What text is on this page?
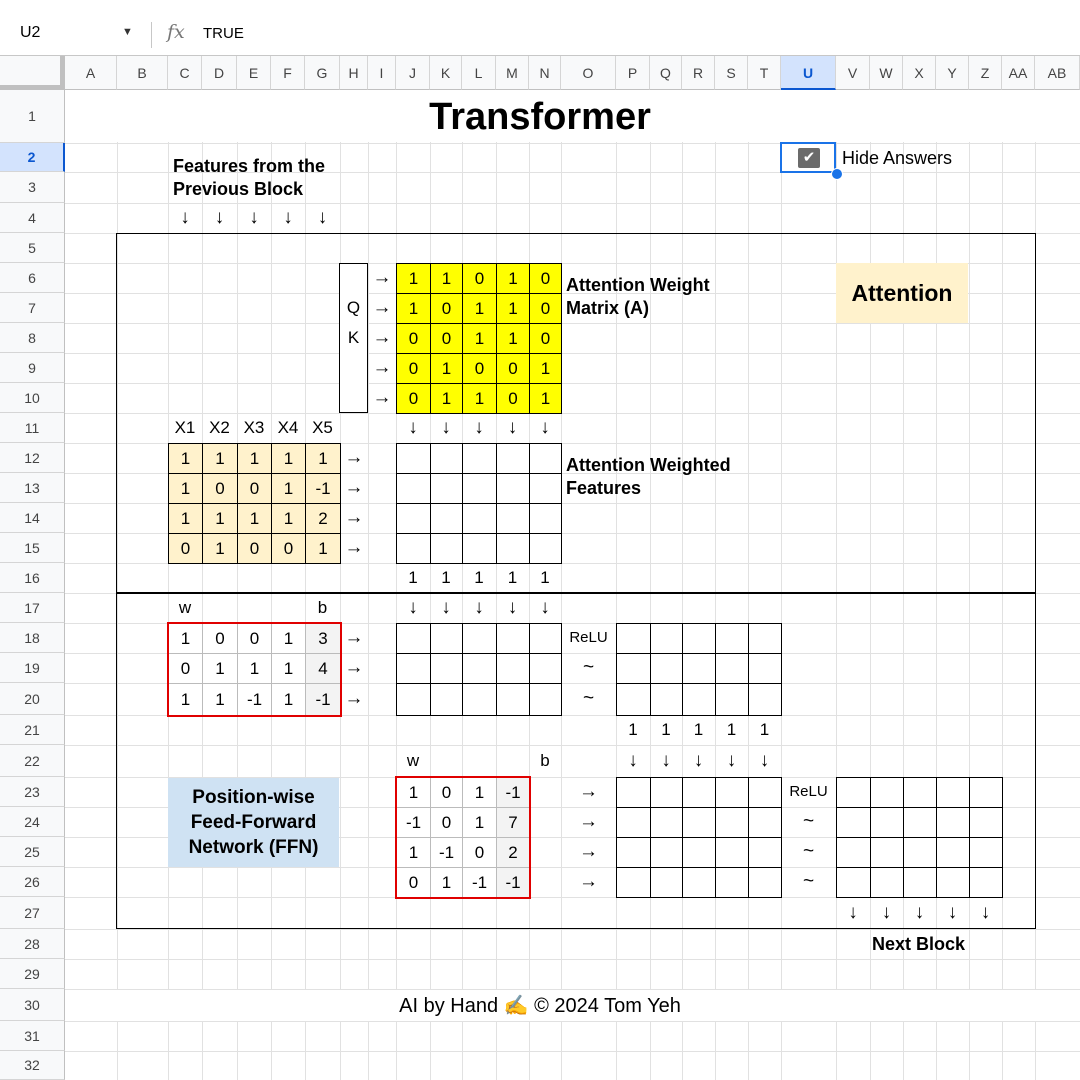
U2	▼ fx TRUE
A	B	C	D	E	F	G	H	I	J	K	L	M	N	O	P	Q	R	S	T	U	V	W	X	Y	Z	AA	AB
1
2
3
4
5
6
7
8
9
10
11
12
13
14
15
16
17
18
19
20
21
22
23
24
25
26
27
28
29
30
31
32
Transformer
✔ Hide Answers
Features from the Previous Block
Attention
Position-wise Feed-Forward Network (FFN)
Q
K
Attention Weight Matrix (A)
Attention Weighted Features
↓	↓	↓	↓	↓
→	1	1	0	1	0
→	1	0	1	1	0
→	0	0	1	1	0
→	0	1	0	0	1
→	0	1	1	0	1
↓	↓	↓	↓	↓
X1 X2 X3 X4 X5
1	1	1	1	1 →
1	0	0	1	-1 →
1	1	1	1	2 →
0	1	0	0	1 →
1	1	1	1	1
w	b	↓	↓	↓	↓	↓
1	0	0	1	3 →	ReLU
0	1	1	1	4 →	~
1	1	-1	1	-1 →	~
1	1	1	1	1
↓	↓	↓	↓	↓
w	b
1	0	1	-1	→	ReLU
-1	0	1	7	→	~
1	-1	0	2	→	~
0	1	-1	-1	→	~
↓	↓	↓	↓	↓
Next Block
AI by Hand ✍️ © 2024 Tom Yeh
